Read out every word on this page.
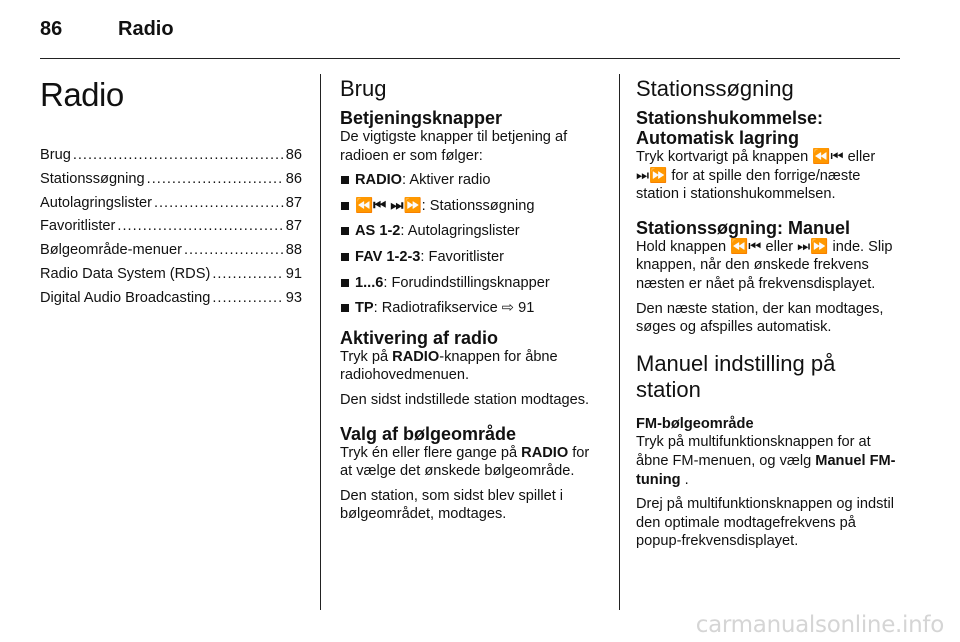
86	Radio
Radio
Brug .....	86
Stationssøgning .....	86
Autolagringslister .....	87
Favoritlister .....	87
Bølgeområde-menuer .....	88
Radio Data System (RDS) .....	91
Digital Audio Broadcasting .....	93
Brug
Betjeningsknapper

De vigtigste knapper til betjening af radioen er som følger:

RADIO: Aktiver radio
⏪⏮ ⏭⏩: Stationssøgning
AS 1-2: Autolagringslister
FAV 1-2-3: Favoritlister
1...6: Forudindstillingsknapper
TP: Radiotrafikservice ⇨ 91
Aktivering af radio

Tryk på RADIO-knappen for åbne radiohovedmenuen.

Den sidst indstillede station modtages.

Valg af bølgeområde

Tryk én eller flere gange på RADIO for at vælge det ønskede bølgeområde.

Den station, som sidst blev spillet i bølgeområdet, modtages.

Stationssøgning
Stationshukommelse:
Automatisk lagring

Tryk kortvarigt på knappen ⏪⏮ eller ⏭⏩ for at spille den forrige/næste station i stationshukommelsen.

Stationssøgning: Manuel

Hold knappen ⏪⏮ eller ⏭⏩ inde. Slip knappen, når den ønskede frekvens næsten er nået på frekvensdisplayet.

Den næste station, der kan modtages, søges og afspilles automatisk.

Manuel indstilling på station
FM-bølgeområde

Tryk på multifunktionsknappen for at åbne FM-menuen, og vælg Manuel FM-tuning .

Drej på multifunktionsknappen og indstil den optimale modtagefrekvens på popup-frekvensdisplayet.

carmanualsonline.info
